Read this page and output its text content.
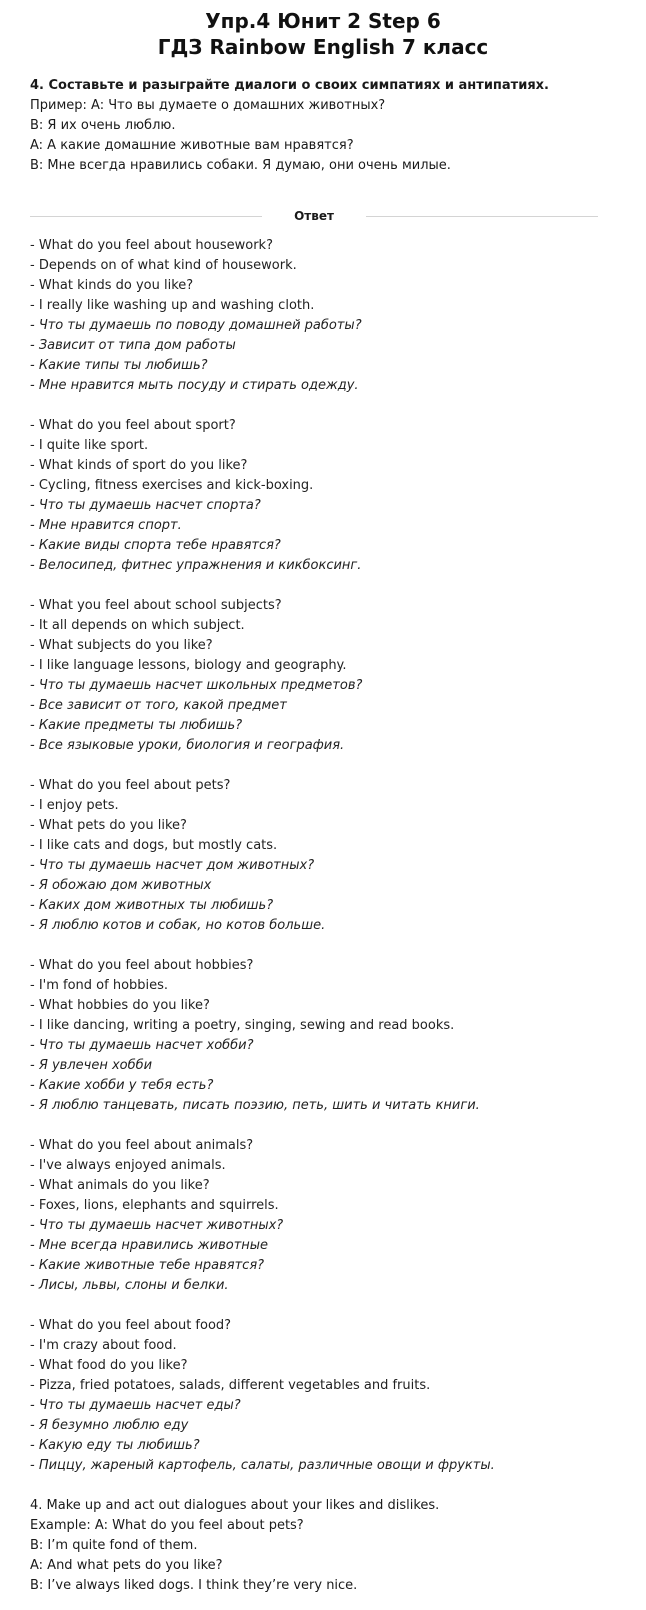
Упр.4 Юнит 2 Step 6
ГДЗ Rainbow English 7 класс
4. Составьте и разыграйте диалоги о своих симпатиях и антипатиях.
Пример: A: Что вы думаете о домашних животных?
B: Я их очень люблю.
A: А какие домашние животные вам нравятся?
B: Мне всегда нравились собаки. Я думаю, они очень милые.
Ответ
- What do you feel about housework?
- Depends on of what kind of housework.
- What kinds do you like?
- I really like washing up and washing cloth.
- Что ты думаешь по поводу домашней работы?
- Зависит от типа дом работы
- Какие типы ты любишь?
- Мне нравится мыть посуду и стирать одежду.
- What do you feel about sport?
- I quite like sport.
- What kinds of sport do you like?
- Cycling, fitness exercises and kick-boxing.
- Что ты думаешь насчет спорта?
- Мне нравится спорт.
- Какие виды спорта тебе нравятся?
- Велосипед, фитнес упражнения и кикбоксинг.
- What you feel about school subjects?
- It all depends on which subject.
- What subjects do you like?
- I like language lessons, biology and geography.
- Что ты думаешь насчет школьных предметов?
- Все зависит от того, какой предмет
- Какие предметы ты любишь?
- Все языковые уроки, биология и география.
- What do you feel about pets?
- I enjoy pets.
- What pets do you like?
- I like cats and dogs, but mostly cats.
- Что ты думаешь насчет дом животных?
- Я обожаю дом животных
- Каких дом животных ты любишь?
- Я люблю котов и собак, но котов больше.
- What do you feel about hobbies?
- I'm fond of hobbies.
- What hobbies do you like?
- I like dancing, writing a poetry, singing, sewing and read books.
- Что ты думаешь насчет хобби?
- Я увлечен хобби
- Какие хобби у тебя есть?
- Я люблю танцевать, писать поэзию, петь, шить и читать книги.
- What do you feel about animals?
- I've always enjoyed animals.
- What animals do you like?
- Foxes, lions, elephants and squirrels.
- Что ты думаешь насчет животных?
- Мне всегда нравились животные
- Какие животные тебе нравятся?
- Лисы, львы, слоны и белки.
- What do you feel about food?
- I'm crazy about food.
- What food do you like?
- Pizza, fried potatoes, salads, different vegetables and fruits.
- Что ты думаешь насчет еды?
- Я безумно люблю еду
- Какую еду ты любишь?
- Пиццу, жареный картофель, салаты, различные овощи и фрукты.
4. Make up and act out dialogues about your likes and dislikes.
Example: A: What do you feel about pets?
B: I’m quite fond of them.
A: And what pets do you like?
B: I’ve always liked dogs. I think they’re very nice.
